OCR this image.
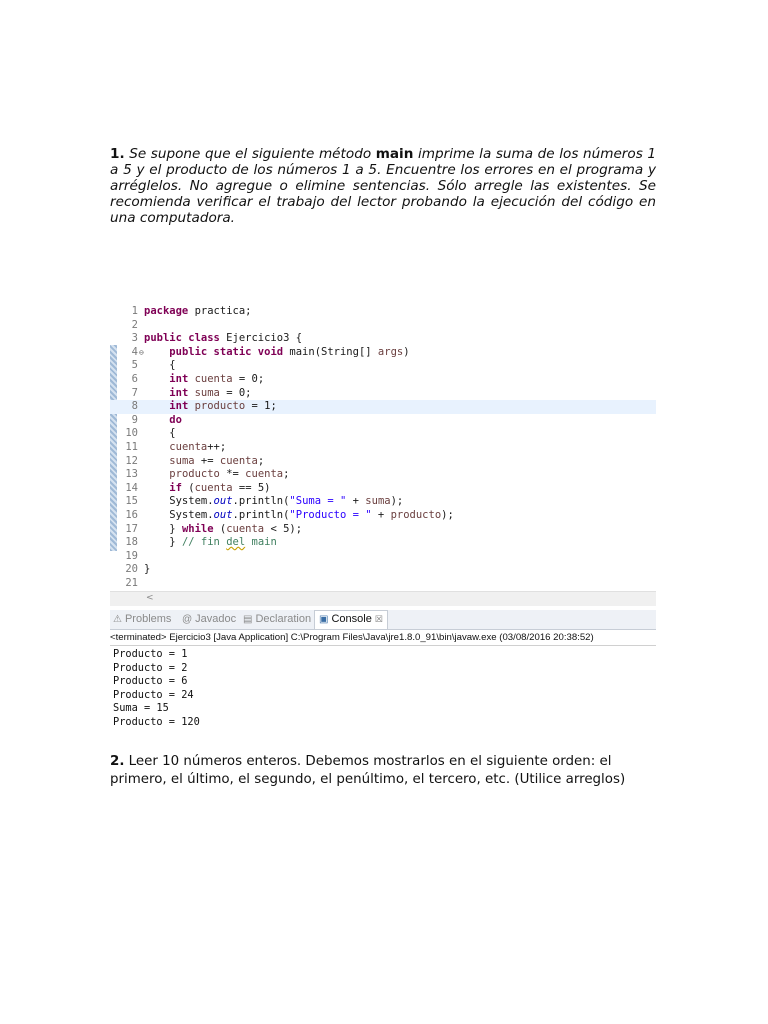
1. Se supone que el siguiente método main imprime la suma de los números 1 a 5 y el producto de los números 1 a 5. Encuentre los errores en el programa y arréglelos. No agregue o elimine sentencias. Sólo arregle las existentes. Se recomienda verificar el trabajo del lector probando la ejecución del código en una computadora.

1 package practica;
2
3 public class Ejercicio3 {
4 ⊖	public static void main(String[] args)
5 {
6	int cuenta = 0;
7	int suma = 0;
8	int producto = 1;
9	do
10 {
11	cuenta++;
12	suma += cuenta;
13	producto *= cuenta;
14	if (cuenta == 5)
15 System.out.println("Suma = " + suma);
16 System.out.println("Producto = " + producto);
17 } while (cuenta < 5);
18 } // fin del main
19
20 }
21
<
⚠ Problems @ Javadoc ▤ Declaration ▣ Console ☒
<terminated> Ejercicio3 [Java Application] C:\Program Files\Java\jre1.8.0_91\bin\javaw.exe (03/08/2016 20:38:52)
Producto = 1
Producto = 2
Producto = 6
Producto = 24
Suma = 15
Producto = 120

2. Leer 10 números enteros. Debemos mostrarlos en el siguiente orden: el primero, el último, el segundo, el penúltimo, el tercero, etc. (Utilice arreglos)
